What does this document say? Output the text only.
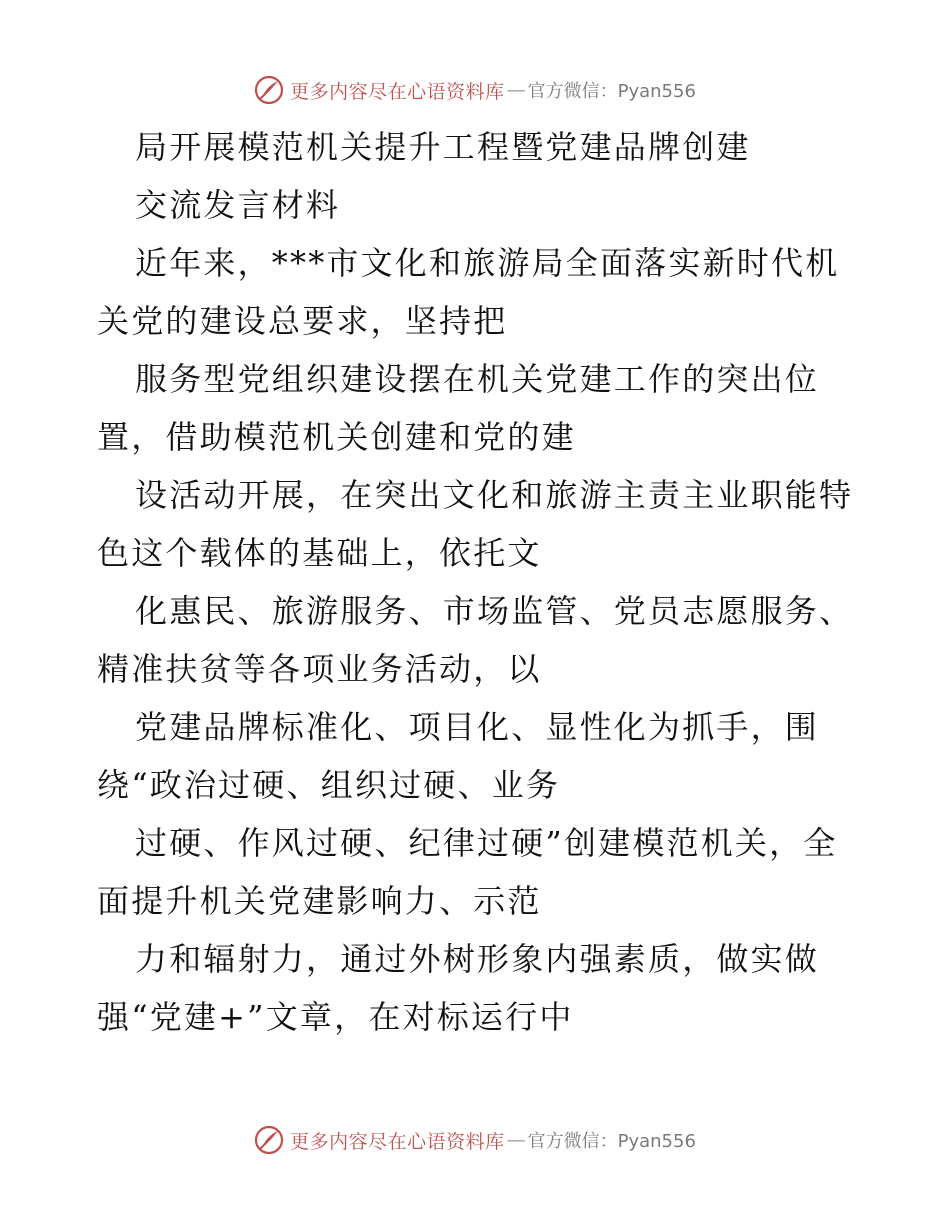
更多内容尽在心语资料库 — 官方微信：Pyan556
局开展模范机关提升工程暨党建品牌创建
交流发言材料
近年来，***市文化和旅游局全面落实新时代机
关党的建设总要求，坚持把
服务型党组织建设摆在机关党建工作的突出位
置，借助模范机关创建和党的建
设活动开展，在突出文化和旅游主责主业职能特
色这个载体的基础上，依托文
化惠民、旅游服务、市场监管、党员志愿服务、
精准扶贫等各项业务活动，以
党建品牌标准化、项目化、显性化为抓手，围
绕“政治过硬、组织过硬、业务
过硬、作风过硬、纪律过硬”创建模范机关，全
面提升机关党建影响力、示范
力和辐射力，通过外树形象内强素质，做实做
强“党建+”文章，在对标运行中
更多内容尽在心语资料库 — 官方微信：Pyan556
